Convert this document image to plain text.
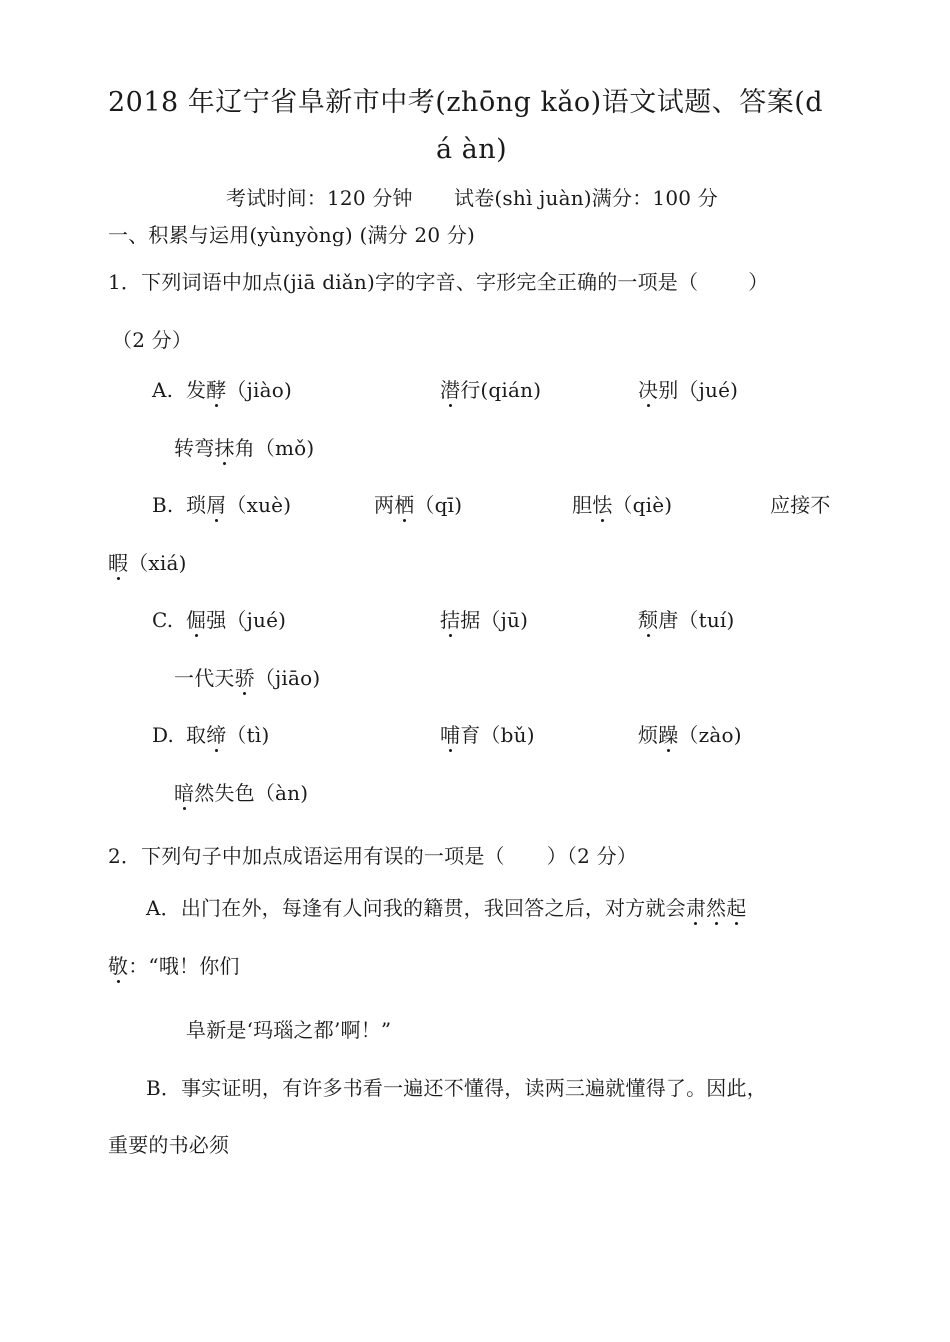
2018 年辽宁省阜新市中考(zhōng kǎo)语文试题、答案(d
á àn)
考试时间：120 分钟 试卷(shì juàn)满分：100 分
一、积累与运用(yùnyòng) (满分 20 分)
1．下列词语中加点(jiā diǎn)字的字音、字形完全正确的一项是（	）
（2 分）
A. 发酵（jiào)	潜行(qián)	决别（jué)
转弯抹角（mǒ)
B. 琐屑（xuè)	两栖（qī)	胆怯（qiè)	应接不
暇（xiá)
C. 倔强（jué)	拮据（jū)	颓唐（tuí)
一代天骄（jiāo)
D. 取缔（tì)	哺育（bǔ)	烦躁（zào)
暗然失色（àn)
2．下列句子中加点成语运用有误的一项是（ ）（2 分）
A．出门在外，每逢有人问我的籍贯，我回答之后，对方就会肃然起
敬：“哦！你们
阜新是‘玛瑙之都’啊！”
B．事实证明，有许多书看一遍还不懂得，读两三遍就懂得了。因此，
重要的书必须
